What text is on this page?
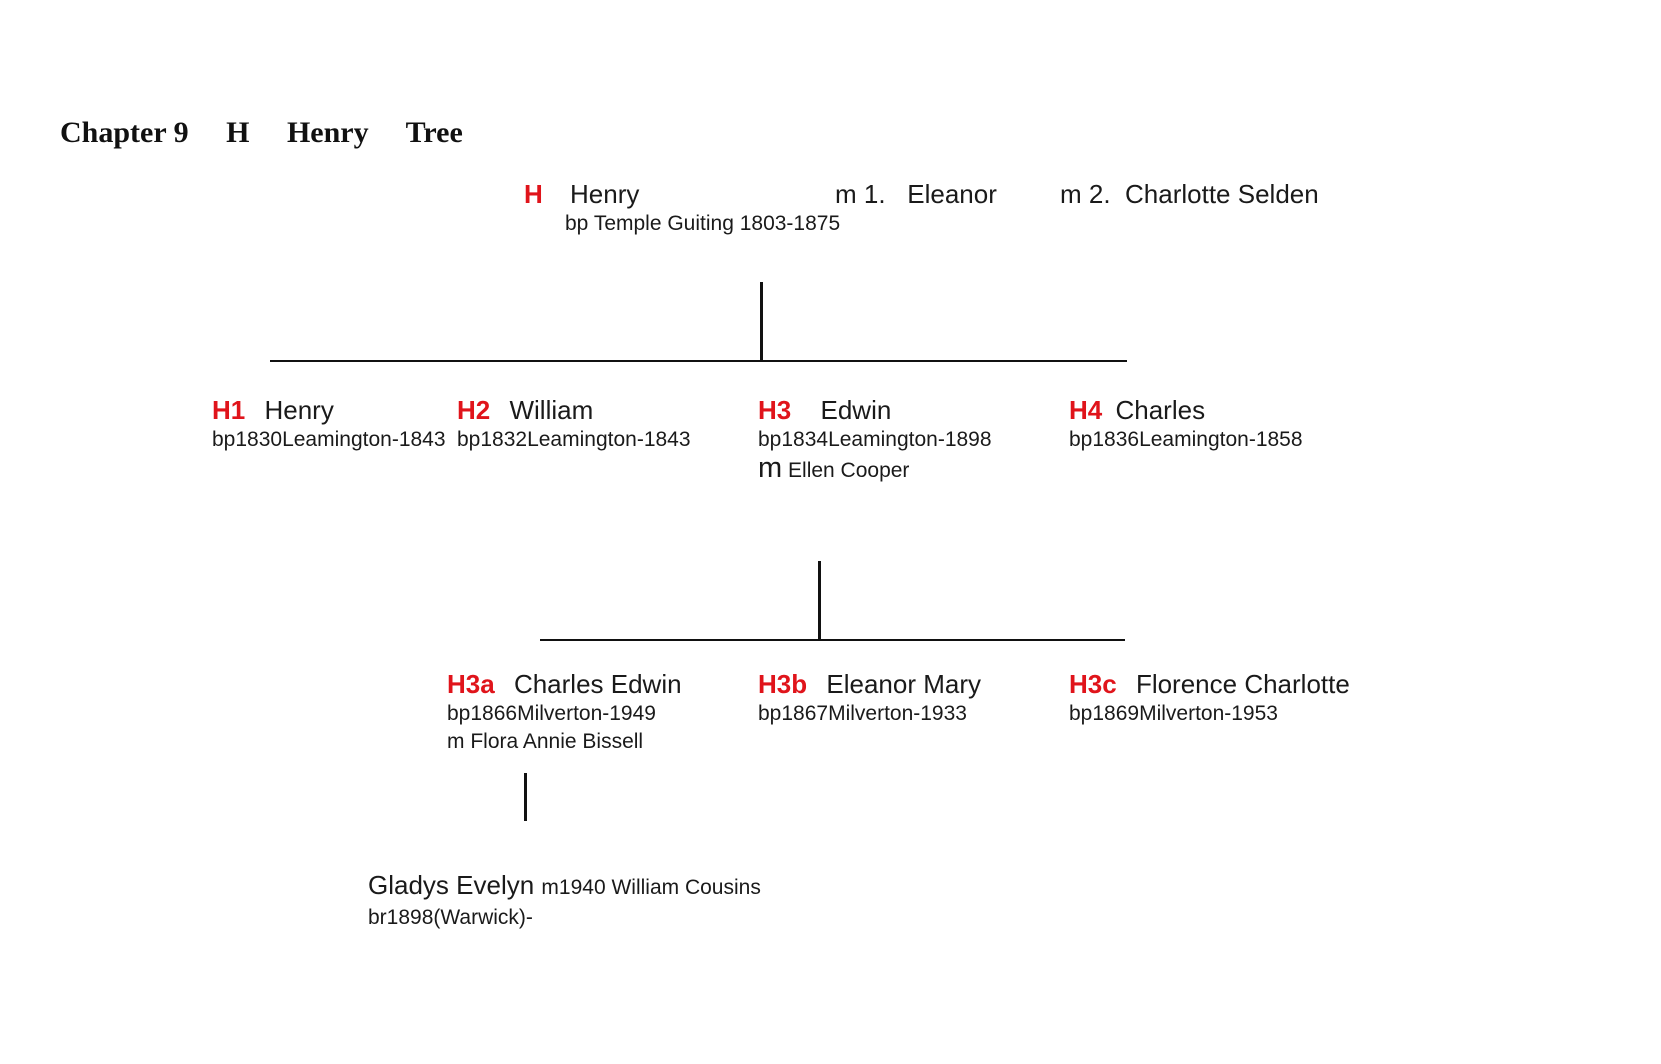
Chapter 9 H Henry Tree
H Henry
bp Temple Guiting 1803-1875
m 1.   Eleanor m 2.  Charlotte Selden
H1 Henry
bp1830Leamington-1843
H2 William
bp1832Leamington-1843
H3 Edwin
bp1834Leamington-1898
m Ellen Cooper
H4 Charles
bp1836Leamington-1858
H3a Charles Edwin
bp1866Milverton-1949
m Flora Annie Bissell
H3b Eleanor Mary
bp1867Milverton-1933
H3c Florence Charlotte
bp1869Milverton-1953
Gladys Evelyn m1940 William Cousins
br1898(Warwick)-
